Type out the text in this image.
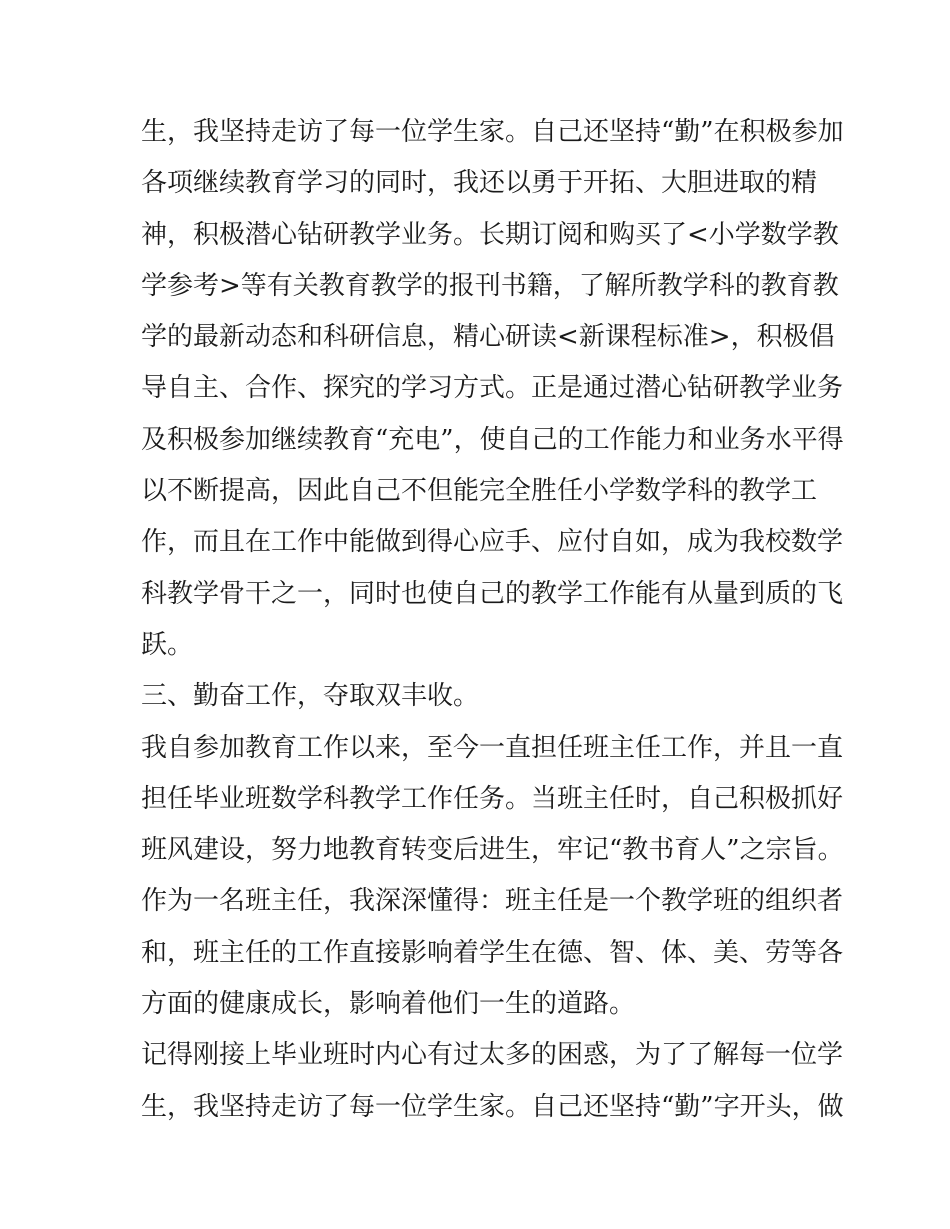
生，我坚持走访了每一位学生家。自己还坚持“勤”在积极参加

各项继续教育学习的同时，我还以勇于开拓、大胆进取的精

神，积极潜心钻研教学业务。长期订阅和购买了<小学数学教

学参考>等有关教育教学的报刊书籍，了解所教学科的教育教

学的最新动态和科研信息，精心研读<新课程标准>，积极倡

导自主、合作、探究的学习方式。正是通过潜心钻研教学业务

及积极参加继续教育“充电”，使自己的工作能力和业务水平得

以不断提高，因此自己不但能完全胜任小学数学科的教学工

作，而且在工作中能做到得心应手、应付自如，成为我校数学

科教学骨干之一，同时也使自己的教学工作能有从量到质的飞

跃。

三、勤奋工作，夺取双丰收。

我自参加教育工作以来，至今一直担任班主任工作，并且一直

担任毕业班数学科教学工作任务。当班主任时，自己积极抓好

班风建设，努力地教育转变后进生，牢记“教书育人”之宗旨。

作为一名班主任，我深深懂得：班主任是一个教学班的组织者

和，班主任的工作直接影响着学生在德、智、体、美、劳等各

方面的健康成长，影响着他们一生的道路。

记得刚接上毕业班时内心有过太多的困惑，为了了解每一位学

生，我坚持走访了每一位学生家。自己还坚持“勤”字开头，做
